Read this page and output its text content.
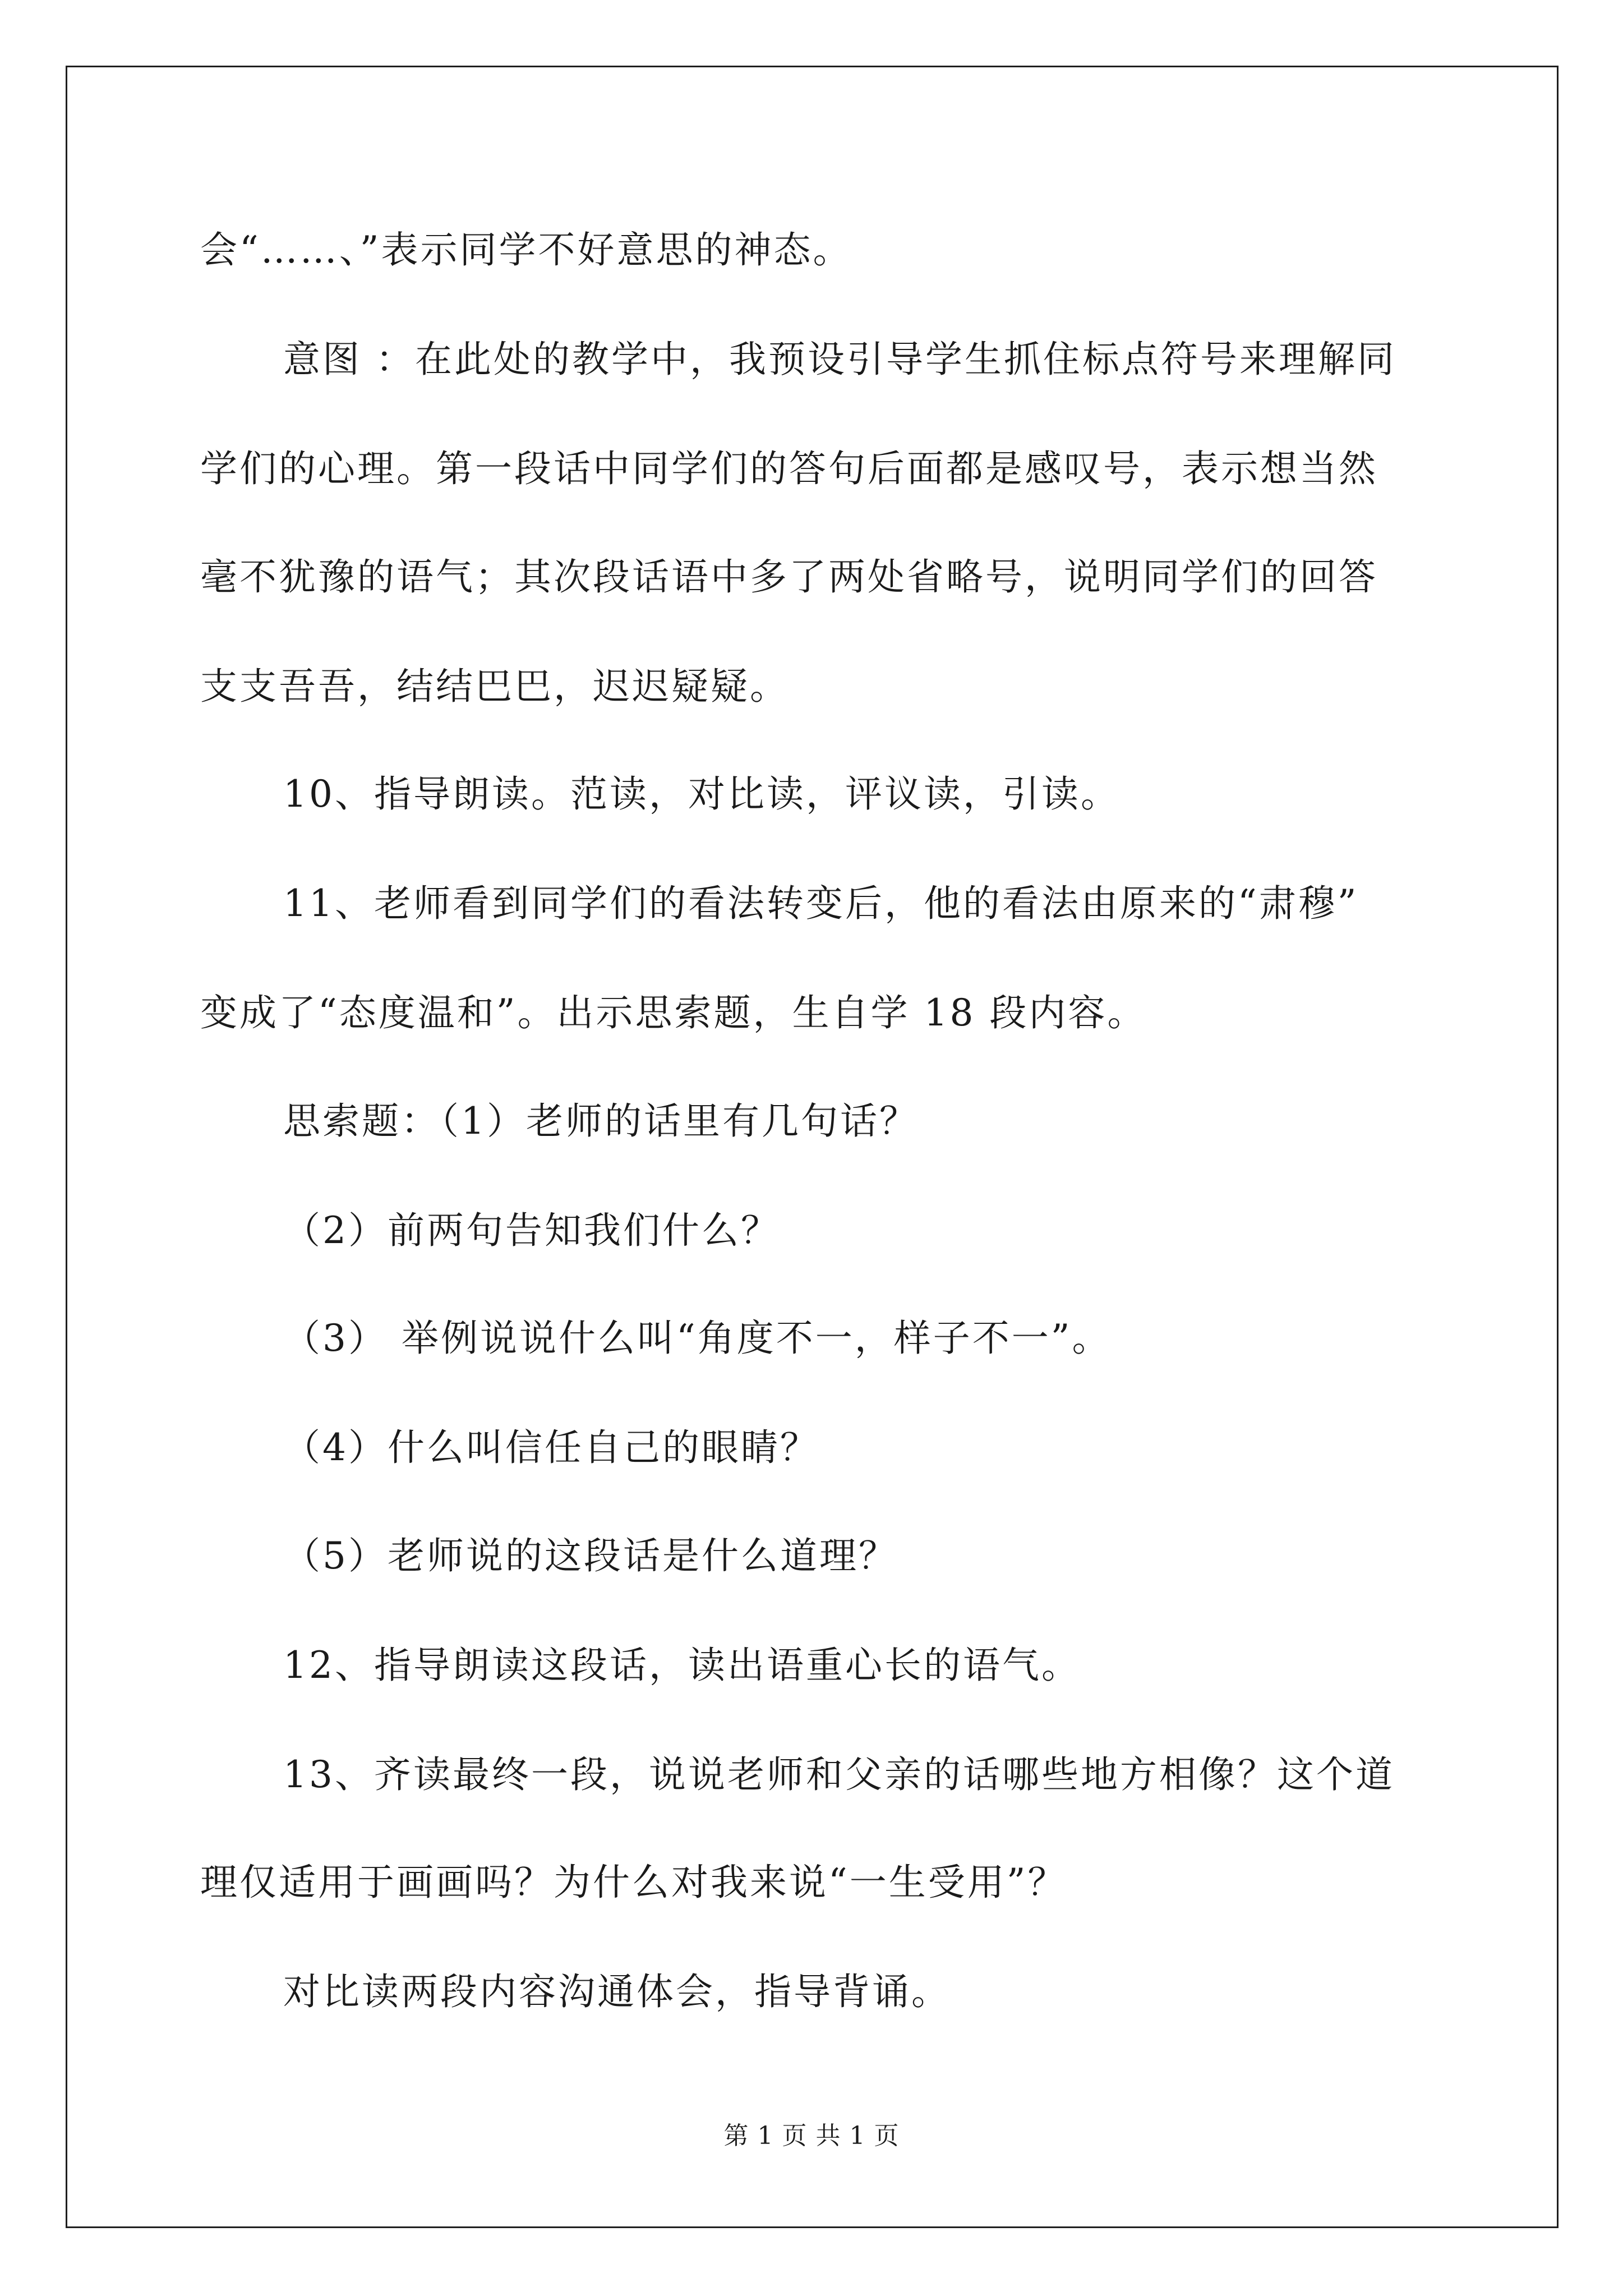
会“……、”表示同学不好意思的神态。
意图 ：在此处的教学中，我预设引导学生抓住标点符号来理解同
学们的心理。第一段话中同学们的答句后面都是感叹号，表示想当然
毫不犹豫的语气；其次段话语中多了两处省略号，说明同学们的回答
支支吾吾，结结巴巴，迟迟疑疑。
10、指导朗读。范读，对比读，评议读，引读。
11、老师看到同学们的看法转变后，他的看法由原来的“肃穆”
变成了“态度温和”。出示思索题，生自学 18 段内容。
思索题：（1）老师的话里有几句话？
（2）前两句告知我们什么？
（3） 举例说说什么叫“角度不一，样子不一”。
（4）什么叫信任自己的眼睛？
（5）老师说的这段话是什么道理？
12、指导朗读这段话，读出语重心长的语气。
13、齐读最终一段，说说老师和父亲的话哪些地方相像？这个道
理仅适用于画画吗？为什么对我来说“一生受用”？
对比读两段内容沟通体会，指导背诵。
第 1 页 共 1 页
